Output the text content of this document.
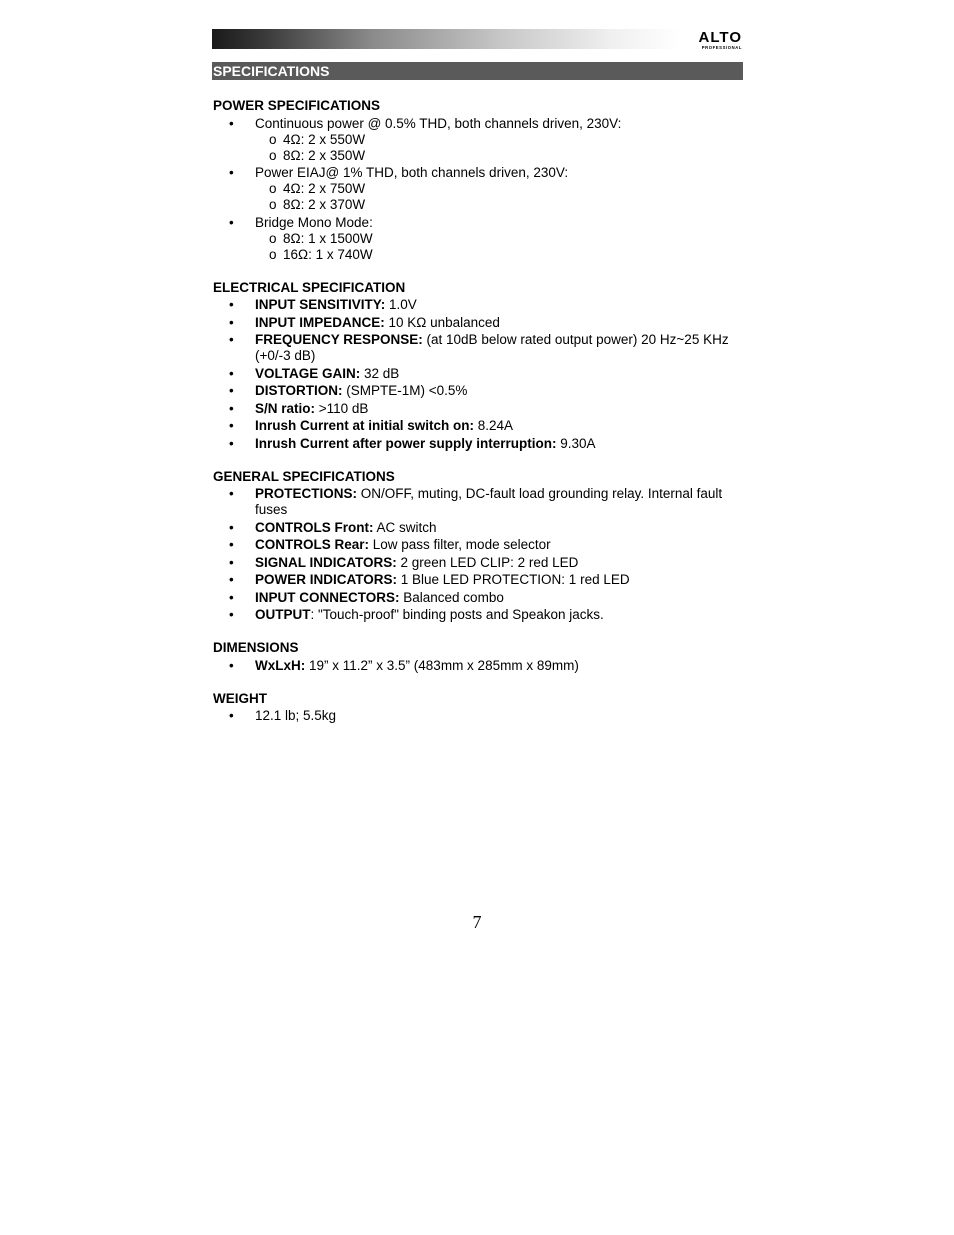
ALTO
PROFESSIONAL
SPECIFICATIONS
POWER SPECIFICATIONS
• Continuous power @ 0.5% THD, both channels driven, 230V:
o 4Ω: 2 x 550W
o 8Ω: 2 x 350W
• Power EIAJ@ 1% THD, both channels driven, 230V:
o 4Ω: 2 x 750W
o 8Ω: 2 x 370W
• Bridge Mono Mode:
o 8Ω: 1 x 1500W
o 16Ω: 1 x 740W
ELECTRICAL SPECIFICATION
• INPUT SENSITIVITY: 1.0V
• INPUT IMPEDANCE: 10 KΩ unbalanced
• FREQUENCY RESPONSE: (at 10dB below rated output power) 20 Hz~25 KHz (+0/-3 dB)
• VOLTAGE GAIN: 32 dB
• DISTORTION: (SMPTE-1M) <0.5%
• S/N ratio: >110 dB
• Inrush Current at initial switch on: 8.24A
• Inrush Current after power supply interruption: 9.30A
GENERAL SPECIFICATIONS
• PROTECTIONS: ON/OFF, muting, DC-fault load grounding relay. Internal fault fuses
• CONTROLS Front: AC switch
• CONTROLS Rear: Low pass filter, mode selector
• SIGNAL INDICATORS: 2 green LED CLIP: 2 red LED
• POWER INDICATORS: 1 Blue LED PROTECTION: 1 red LED
• INPUT CONNECTORS: Balanced combo
• OUTPUT: "Touch-proof" binding posts and Speakon jacks.
DIMENSIONS
• WxLxH: 19” x 11.2” x 3.5” (483mm x 285mm x 89mm)
WEIGHT
• 12.1 lb; 5.5kg
7
